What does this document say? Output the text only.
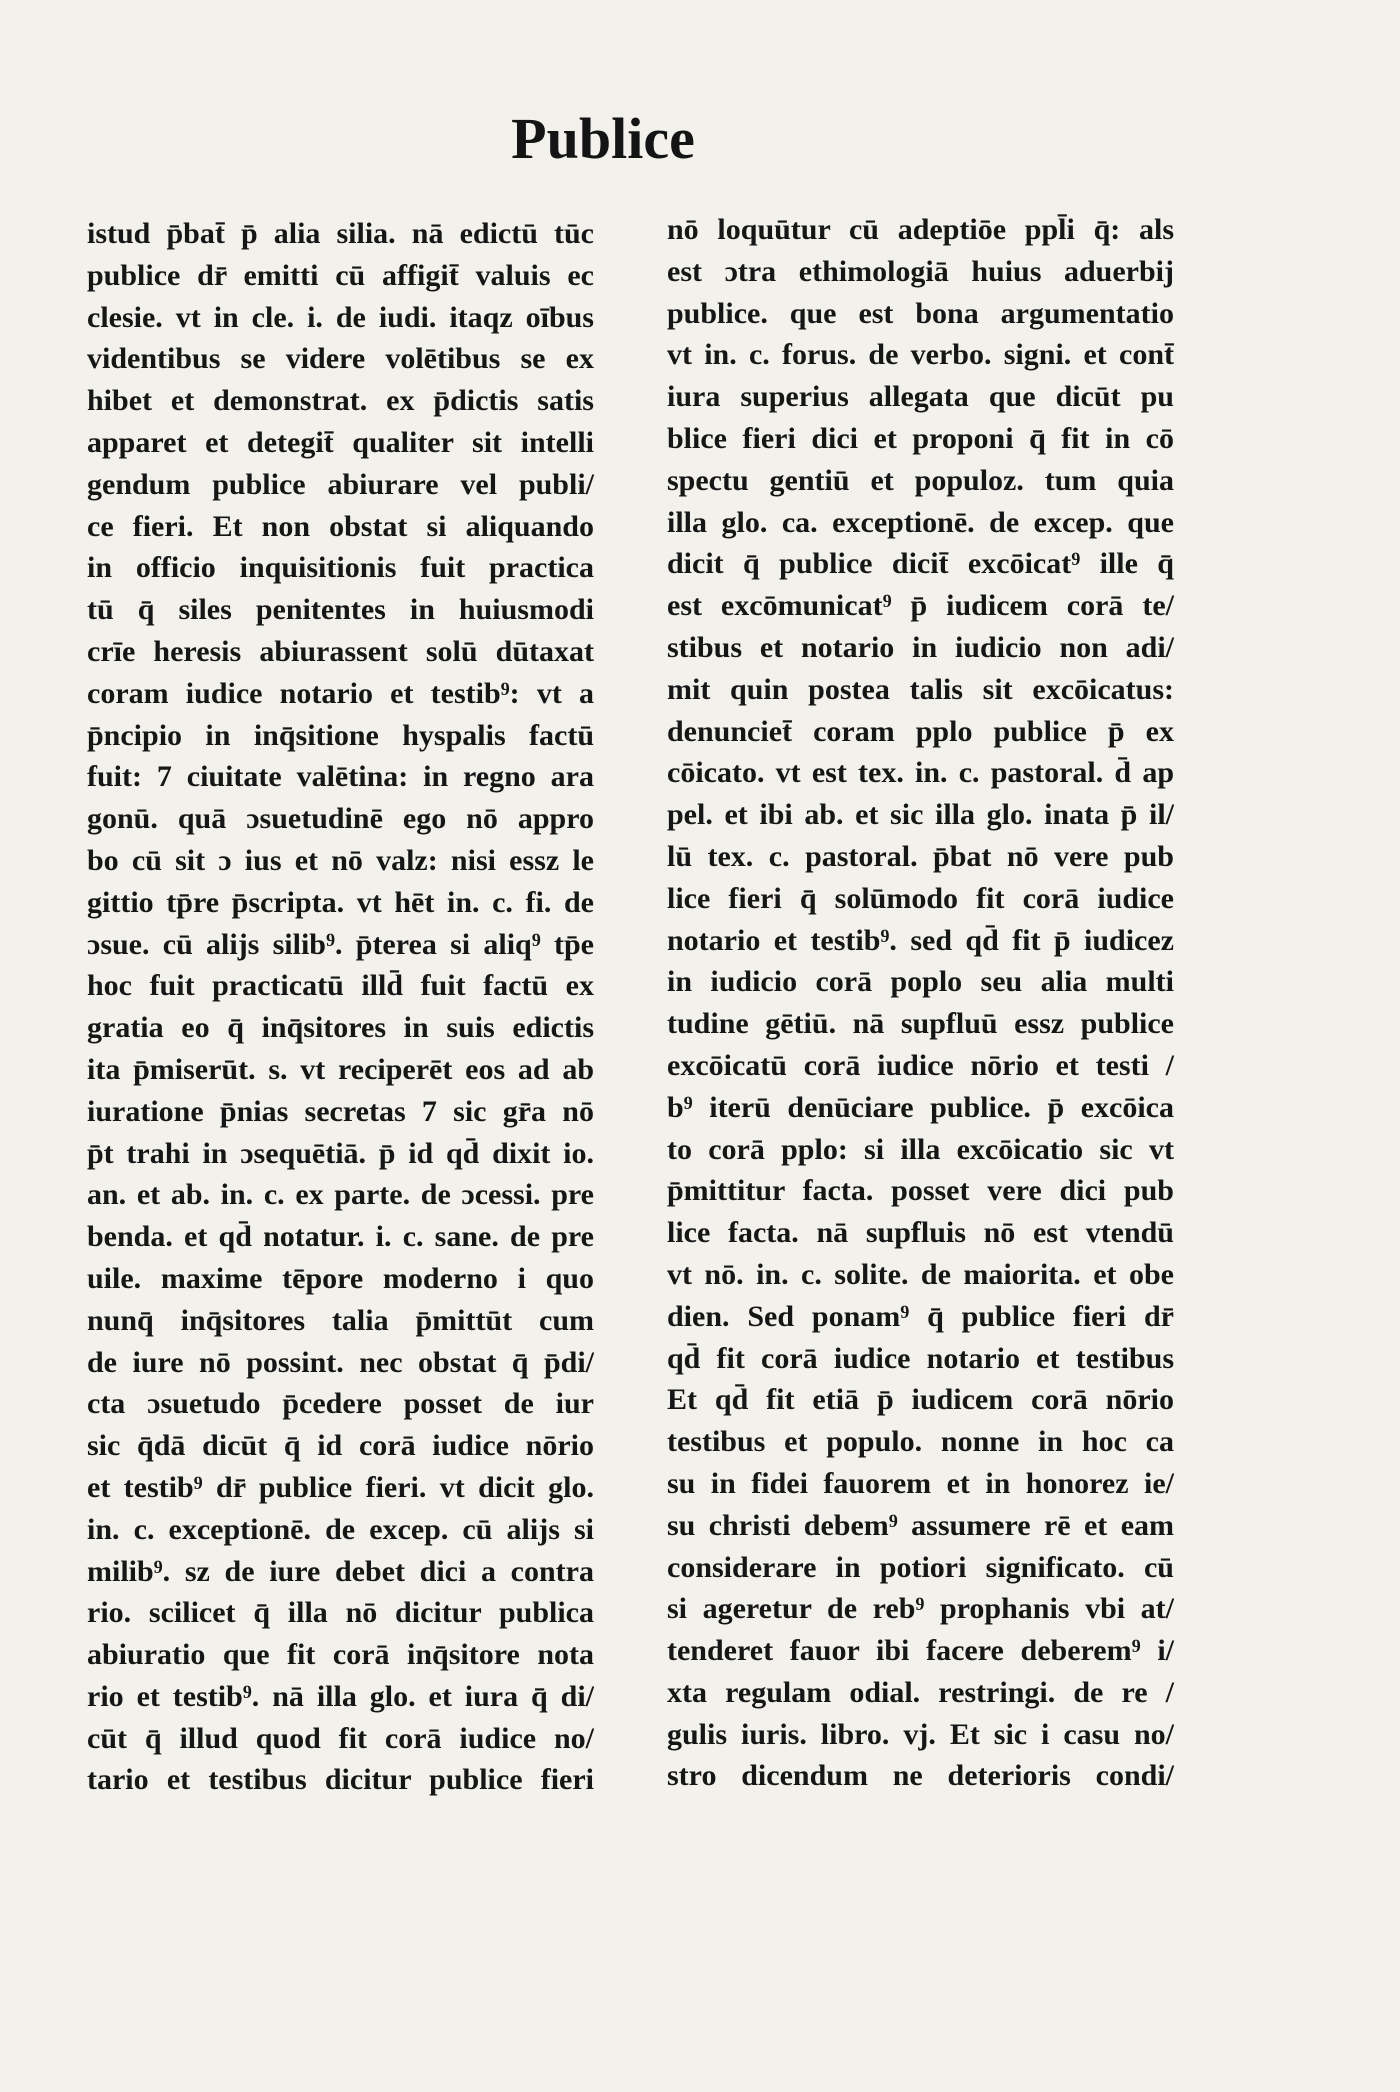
Publice
istud p̄bat̄ p̄ alia silia. nā edictū tūc
publice dr̄ emitti cū affigit̄ valuis ec
clesie. vt in cle. i. de iudi. itaqz oībus
videntibus se videre volētibus se ex
hibet et demonstrat. ex p̄dictis satis
apparet et detegit̄ qualiter sit intelli
gendum publice abiurare vel publi/
ce fieri. Et non obstat si aliquando
in officio inquisitionis fuit practica
tū q̄ siles penitentes in huiusmodi
crīe heresis abiurassent solū dūtaxat
coram iudice notario et testib⁹: vt a
p̄ncipio in inq̄sitione hyspalis factū
fuit: 7 ciuitate valētina: in regno ara
gonū. quā ɔsuetudinē ego nō appro
bo cū sit ɔ ius et nō valz: nisi essz le
gittio tp̄re p̄scripta. vt hēt in. c. fi. de
ɔsue. cū alijs silib⁹. p̄terea si aliq⁹ tp̄e
hoc fuit practicatū illd̄ fuit factū ex
gratia eo q̄ inq̄sitores in suis edictis
ita p̄miserūt. s. vt reciperēt eos ad ab
iuratione p̄nias secretas 7 sic gr̄a nō
p̄t trahi in ɔsequētiā. p̄ id qd̄ dixit io.
an. et ab. in. c. ex parte. de ɔcessi. pre
benda. et qd̄ notatur. i. c. sane. de pre
uile. maxime tēpore moderno i quo
nunq̄ inq̄sitores talia p̄mittūt cum
de iure nō possint. nec obstat q̄ p̄di/
cta ɔsuetudo p̄cedere posset de iur
sic q̄dā dicūt q̄ id corā iudice nōrio
et testib⁹ dr̄ publice fieri. vt dicit glo.
in. c. exceptionē. de excep. cū alijs si
milib⁹. sz de iure debet dici a contra
rio. scilicet q̄ illa nō dicitur publica
abiuratio que fit corā inq̄sitore nota
rio et testib⁹. nā illa glo. et iura q̄ di/
cūt q̄ illud quod fit corā iudice no/
tario et testibus dicitur publice fieri
nō loquūtur cū adeptiōe ppl̄i q̄: als
est ɔtra ethimologiā huius aduerbij
publice. que est bona argumentatio
vt in. c. forus. de verbo. signi. et cont̄
iura superius allegata que dicūt pu
blice fieri dici et proponi q̄ fit in cō
spectu gentiū et populoz. tum quia
illa glo. ca. exceptionē. de excep. que
dicit q̄ publice dicit̄ excōicat⁹ ille q̄
est excōmunicat⁹ p̄ iudicem corā te/
stibus et notario in iudicio non adi/
mit quin postea talis sit excōicatus:
denunciet̄ coram pplo publice p̄ ex
cōicato. vt est tex. in. c. pastoral. d̄ ap
pel. et ibi ab. et sic illa glo. inata p̄ il/
lū tex. c. pastoral. p̄bat nō vere pub
lice fieri q̄ solūmodo fit corā iudice
notario et testib⁹. sed qd̄ fit p̄ iudicez
in iudicio corā poplo seu alia multi
tudine gētiū. nā supfluū essz publice
excōicatū corā iudice nōrio et testi /
b⁹ iterū denūciare publice. p̄ excōica
to corā pplo: si illa excōicatio sic vt
p̄mittitur facta. posset vere dici pub
lice facta. nā supfluis nō est vtendū
vt nō. in. c. solite. de maiorita. et obe
dien. Sed ponam⁹ q̄ publice fieri dr̄
qd̄ fit corā iudice notario et testibus
Et qd̄ fit etiā p̄ iudicem corā nōrio
testibus et populo. nonne in hoc ca
su in fidei fauorem et in honorez ie/
su christi debem⁹ assumere rē et eam
considerare in potiori significato. cū
si ageretur de reb⁹ prophanis vbi at/
tenderet fauor ibi facere deberem⁹ i/
xta regulam odial. restringi. de re /
gulis iuris. libro. vj. Et sic i casu no/
stro dicendum ne deterioris condi/
